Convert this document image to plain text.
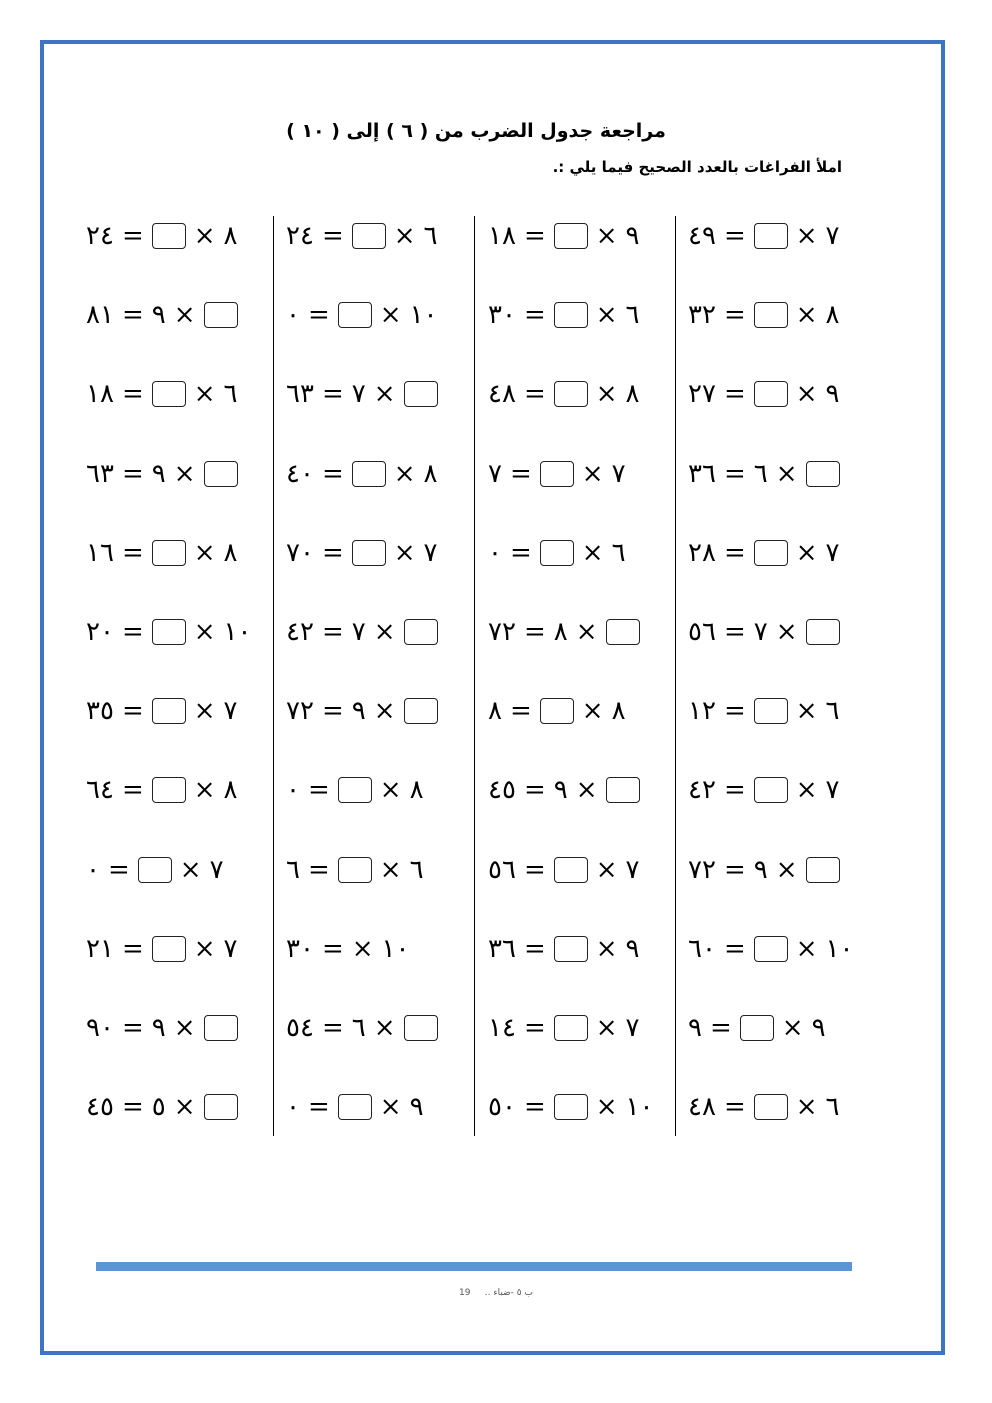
مراجعة جدول الضرب من ( ٦ ) إلى ( ١٠ )
املأ الفراغات بالعدد الصحيح فيما يلي :.
٤٩ = × ٧
٣٢ = × ٨
٢٧ = × ٩
٣٦ = ٦ ×
٢٨ = × ٧
٥٦ = ٧ ×
١٢ = × ٦
٤٢ = × ٧
٧٢ = ٩ ×
٦٠ = × ١٠
٩ = × ٩
٤٨ = × ٦
١٨ = × ٩
٣٠ = × ٦
٤٨ = × ٨
٧ = × ٧
٠ = × ٦
٧٢ = ٨ ×
٨ = × ٨
٤٥ = ٩ ×
٥٦ = × ٧
٣٦ = × ٩
١٤ = × ٧
٥٠ = × ١٠
٢٤ = × ٦
٠ = × ١٠
٦٣ = ٧ ×
٤٠ = × ٨
٧٠ = × ٧
٤٢ = ٧ ×
٧٢ = ٩ ×
٠ = × ٨
٦ = × ٦
٣٠ = × ١٠
٥٤ = ٦ ×
٠ = × ٩
٢٤ = × ٨
٨١ = ٩ ×
١٨ = × ٦
٦٣ = ٩ ×
١٦ = × ٨
٢٠ = × ١٠
٣٥ = × ٧
٦٤ = × ٨
٠ = × ٧
٢١ = × ٧
٩٠ = ٩ ×
٤٥ = ٥ ×
ب ٥ -ضباء ..     19
